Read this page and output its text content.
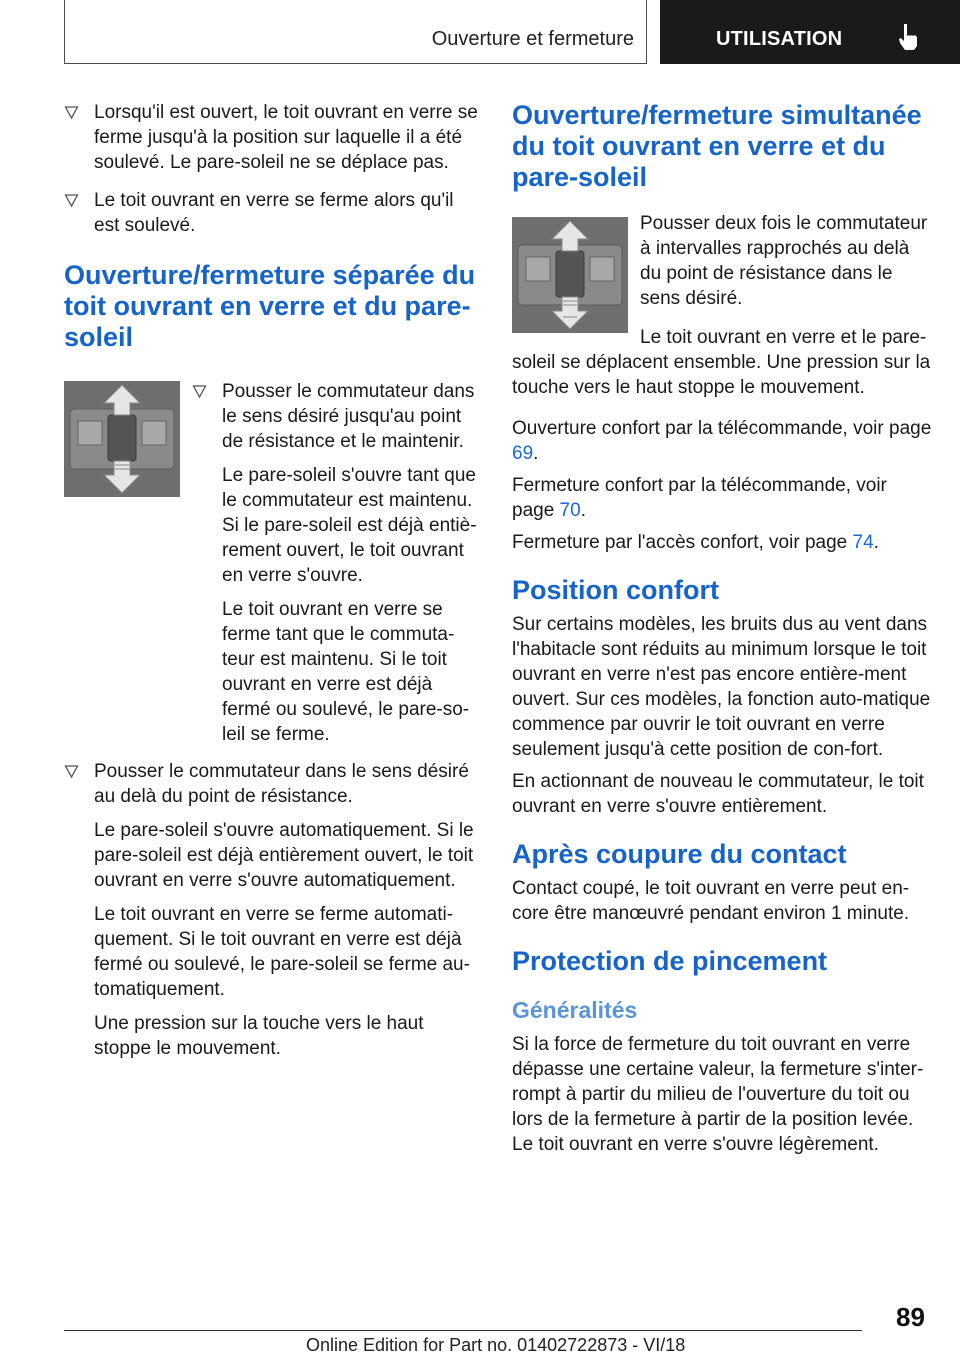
Ouverture et fermeture	UTILISATION
Lorsqu'il est ouvert, le toit ouvrant en verre se ferme jusqu'à la position sur laquelle il a été soulevé. Le pare-soleil ne se déplace pas.
Le toit ouvrant en verre se ferme alors qu'il est soulevé.
Ouverture/fermeture séparée du toit ouvrant en verre et du pare-soleil
Pousser le commutateur dans le sens désiré jusqu'au point de résistance et le maintenir.

Le pare-soleil s'ouvre tant que le commutateur est maintenu. Si le pare-soleil est déjà entiè-rement ouvert, le toit ouvrant en verre s'ouvre.

Le toit ouvrant en verre se ferme tant que le commuta-teur est maintenu. Si le toit ouvrant en verre est déjà fermé ou soulevé, le pare-so-leil se ferme.

Pousser le commutateur dans le sens désiré au delà du point de résistance.

Le pare-soleil s'ouvre automatiquement. Si le pare-soleil est déjà entièrement ouvert, le toit ouvrant en verre s'ouvre automatiquement.

Le toit ouvrant en verre se ferme automati-quement. Si le toit ouvrant en verre est déjà fermé ou soulevé, le pare-soleil se ferme au-tomatiquement.

Une pression sur la touche vers le haut stoppe le mouvement.

Ouverture/fermeture simultanée du toit ouvrant en verre et du pare-soleil

Pousser deux fois le commutateur à intervalles rapprochés au delà du point de résistance dans le sens désiré.

Le toit ouvrant en verre et le pare-soleil se déplacent ensemble. Une pression sur la touche vers le haut stoppe le mouvement.

Ouverture confort par la télécommande, voir page 69.

Fermeture confort par la télécommande, voir page 70.

Fermeture par l'accès confort, voir page 74.

Position confort

Sur certains modèles, les bruits dus au vent dans l'habitacle sont réduits au minimum lorsque le toit ouvrant en verre n'est pas encore entière-ment ouvert. Sur ces modèles, la fonction auto-matique commence par ouvrir le toit ouvrant en verre seulement jusqu'à cette position de con-fort.

En actionnant de nouveau le commutateur, le toit ouvrant en verre s'ouvre entièrement.

Après coupure du contact

Contact coupé, le toit ouvrant en verre peut en-core être manœuvré pendant environ 1 minute.

Protection de pincement
Généralités

Si la force de fermeture du toit ouvrant en verre dépasse une certaine valeur, la fermeture s'inter-rompt à partir du milieu de l'ouverture du toit ou lors de la fermeture à partir de la position levée. Le toit ouvrant en verre s'ouvre légèrement.

89
Online Edition for Part no. 01402722873 - VI/18
